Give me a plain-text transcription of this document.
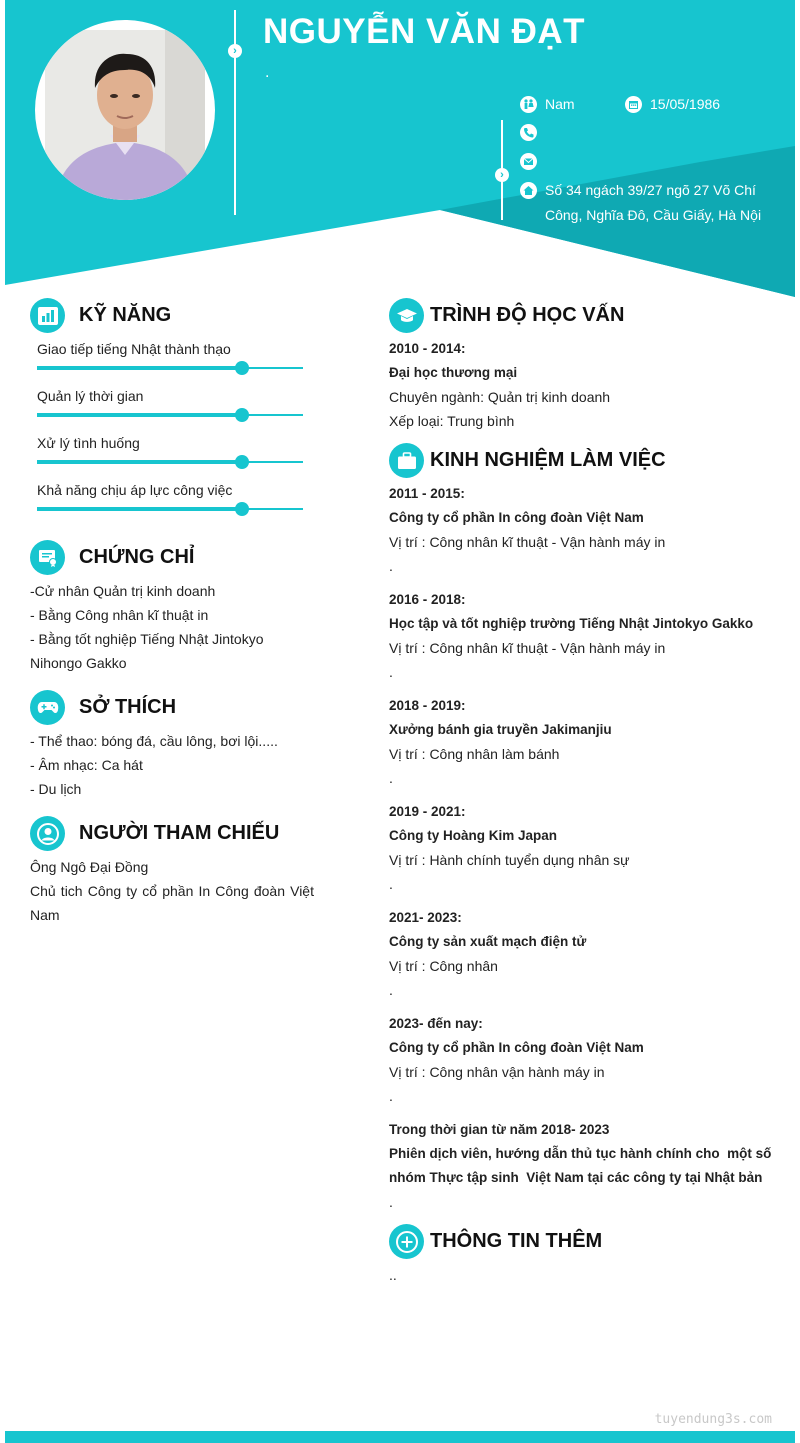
›
›
NGUYỄN VĂN ĐẠT
.
Nam	15/05/1986
Số 34 ngách 39/27 ngõ 27 Võ Chí
Công, Nghĩa Đô, Cầu Giấy, Hà Nội
KỸ NĂNG
Giao tiếp tiếng Nhật thành thạo
Quản lý thời gian
Xử lý tình huống
Khả năng chịu áp lực công việc
CHỨNG CHỈ
-Cử nhân Quản trị kinh doanh
- Bằng Công nhân kĩ thuật in
- Bằng tốt nghiệp Tiếng Nhật Jintokyo
Nihongo Gakko
SỞ THÍCH
- Thể thao: bóng đá, cầu lông, bơi lội.....
- Âm nhạc: Ca hát
- Du lịch
NGƯỜI THAM CHIẾU
Ông Ngô Đại Đồng
Chủ tich Công ty cổ phần In Công đoàn Việt Nam
TRÌNH ĐỘ HỌC VẤN
2010 - 2014:
Đại học thương mại
Chuyên ngành: Quản trị kinh doanh
Xếp loại: Trung bình
KINH NGHIỆM LÀM VIỆC
2011 - 2015:
Công ty cổ phần In công đoàn Việt Nam
Vị trí : Công nhân kĩ thuật - Vận hành máy in
.
2016 - 2018:
Học tập và tốt nghiệp trường Tiếng Nhật Jintokyo Gakko
Vị trí : Công nhân kĩ thuật - Vận hành máy in
.
2018 - 2019:
Xưởng bánh gia truyền Jakimanjiu
Vị trí : Công nhân làm bánh
.
2019 - 2021:
Công ty Hoàng Kim Japan
Vị trí : Hành chính tuyển dụng nhân sự
.
2021- 2023:
Công ty sản xuất mạch điện tử
Vị trí : Công nhân
.
2023- đến nay:
Công ty cổ phần In công đoàn Việt Nam
Vị trí : Công nhân vận hành máy in
.
Trong thời gian từ năm 2018- 2023
Phiên dịch viên, hướng dẫn thủ tục hành chính cho  một số
nhóm Thực tập sinh  Việt Nam tại các công ty tại Nhật bản
.
THÔNG TIN THÊM
..
tuyendung3s.com
